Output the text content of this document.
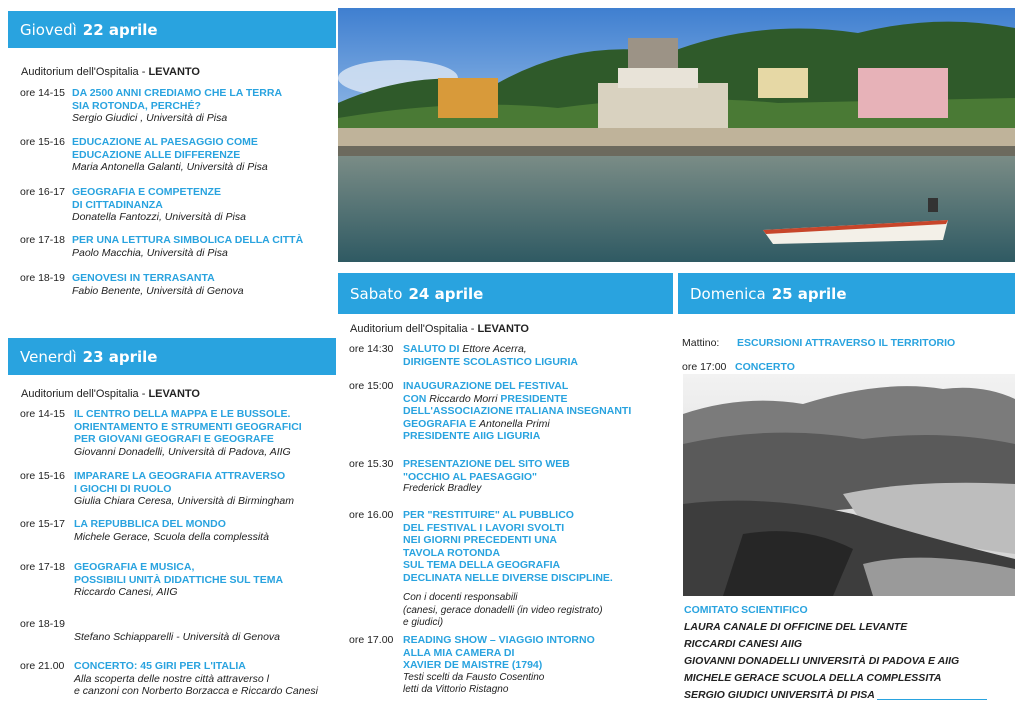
Giovedì 22 aprile
Auditorium dell'Ospitalia - LEVANTO
ore 14-15 DA 2500 ANNI CREDIAMO CHE LA TERRA
SIA ROTONDA, PERCHÉ?
Sergio Giudici , Università di Pisa
ore 15-16 EDUCAZIONE AL PAESAGGIO COME
EDUCAZIONE ALLE DIFFERENZE
Maria Antonella Galanti, Università di Pisa
ore 16-17 GEOGRAFIA E COMPETENZE
DI CITTADINANZA
Donatella Fantozzi, Università di Pisa
ore 17-18 PER UNA LETTURA SIMBOLICA DELLA CITTÀ
Paolo Macchia, Università di Pisa
ore 18-19 GENOVESI IN TERRASANTA
Fabio Benente, Università di Genova
Venerdì 23 aprile
Auditorium dell'Ospitalia - LEVANTO
ore 14-15 IL CENTRO DELLA MAPPA E LE BUSSOLE.
ORIENTAMENTO E STRUMENTI GEOGRAFICI
PER GIOVANI GEOGRAFI E GEOGRAFE
Giovanni Donadelli, Università di Padova, AIIG
ore 15-16 IMPARARE LA GEOGRAFIA ATTRAVERSO
I GIOCHI DI RUOLO
Giulia Chiara Ceresa, Università di Birmingham
ore 15-17 LA REPUBBLICA DEL MONDO
Michele Gerace, Scuola della complessità
ore 17-18 GEOGRAFIA E MUSICA,
POSSIBILI UNITÀ DIDATTICHE SUL TEMA
Riccardo Canesi, AIIG
ore 18-19
Stefano Schiapparelli - Università di Genova
ore 21.00 CONCERTO: 45 GIRI PER L'ITALIA
Alla scoperta delle nostre città attraverso l
e canzoni con Norberto Borzacca e Riccardo Canesi
Sabato 24 aprile
Auditorium dell'Ospitalia - LEVANTO
ore 14:30 SALUTO DI Ettore Acerra,
DIRIGENTE SCOLASTICO LIGURIA
ore 15:00 INAUGURAZIONE DEL FESTIVAL
CON Riccardo Morri PRESIDENTE
DELL'ASSOCIAZIONE ITALIANA INSEGNANTI
GEOGRAFIA E Antonella Primi
PRESIDENTE AIIG LIGURIA
ore 15.30 PRESENTAZIONE DEL SITO WEB
"OCCHIO AL PAESAGGIO"
Frederick Bradley
ore 16.00 PER "RESTITUIRE" AL PUBBLICO
DEL FESTIVAL I LAVORI SVOLTI
NEI GIORNI PRECEDENTI UNA
TAVOLA ROTONDA
SUL TEMA DELLA GEOGRAFIA
DECLINATA NELLE DIVERSE DISCIPLINE.
Con i docenti responsabili
(canesi, gerace donadelli (in video registrato)
e giudici)
ore 17.00 READING SHOW – VIAGGIO INTORNO
ALLA MIA CAMERA DI
XAVIER DE MAISTRE (1794)
Testi scelti da Fausto Cosentino
letti da Vittorio Ristagno
Domenica 25 aprile
Mattino: ESCURSIONI ATTRAVERSO IL TERRITORIO
ore 17:00 CONCERTO
COMITATO SCIENTIFICO
LAURA CANALE DI OFFICINE DEL LEVANTE
RICCARDI CANESI AIIG
GIOVANNI DONADELLI UNIVERSITÀ DI PADOVA E AIIG
MICHELE GERACE SCUOLA DELLA COMPLESSITA
SERGIO GIUDICI UNIVERSITÀ DI PISA
